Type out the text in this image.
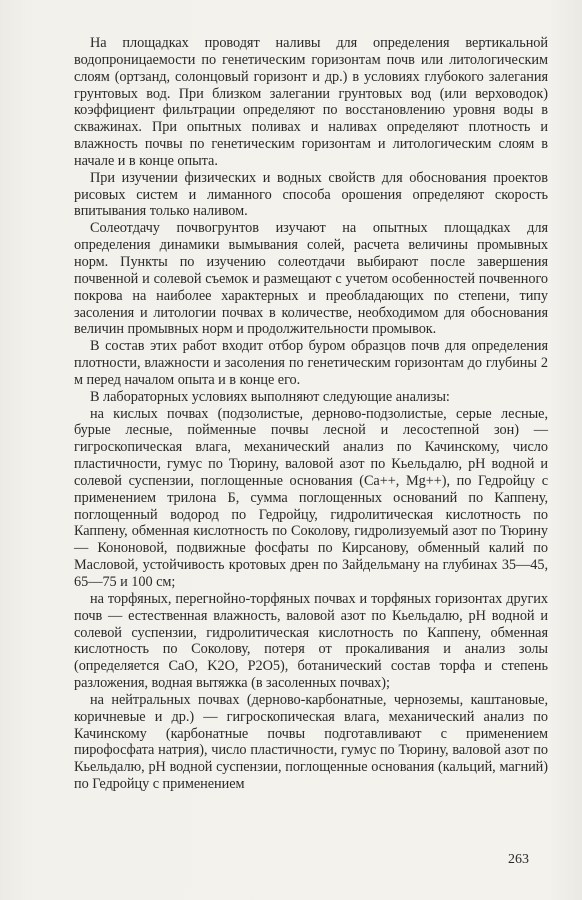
На площадках проводят наливы для определения вертикальной водопроницаемости по генетическим горизонтам почв или литологическим слоям (ортзанд, солонцовый горизонт и др.) в условиях глубокого залегания грунтовых вод. При близком залегании грунтовых вод (или верховодок) коэффициент фильтрации определяют по восстановлению уровня воды в скважинах. При опытных поливах и наливах определяют плотность и влажность почвы по генетическим горизонтам и литологическим слоям в начале и в конце опыта.

При изучении физических и водных свойств для обоснования проектов рисовых систем и лиманного способа орошения определяют скорость впитывания только наливом.

Солеотдачу почвогрунтов изучают на опытных площадках для определения динамики вымывания солей, расчета величины промывных норм. Пункты по изучению солеотдачи выбирают после завершения почвенной и солевой съемок и размещают с учетом особенностей почвенного покрова на наиболее характерных и преобладающих по степени, типу засоления и литологии почвах в количестве, необходимом для обоснования величин промывных норм и продолжительности промывок.

В состав этих работ входит отбор буром образцов почв для определения плотности, влажности и засоления по генетическим горизонтам до глубины 2 м перед началом опыта и в конце его.

В лабораторных условиях выполняют следующие анализы:

на кислых почвах (подзолистые, дерново-подзолистые, серые лесные, бурые лесные, пойменные почвы лесной и лесостепной зон) — гигроскопическая влага, механический анализ по Качинскому, число пластичности, гумус по Тюрину, валовой азот по Кьельдалю, pH водной и солевой суспензии, поглощенные основания (Ca++, Mg++), по Гедройцу с применением трилона Б, сумма поглощенных оснований по Каппену, поглощенный водород по Гедройцу, гидролитическая кислотность по Каппену, обменная кислотность по Соколову, гидролизуемый азот по Тюрину — Кононовой, подвижные фосфаты по Кирсанову, обменный калий по Масловой, устойчивость кротовых дрен по Зайдельману на глубинах 35—45, 65—75 и 100 см;

на торфяных, перегнойно-торфяных почвах и торфяных горизонтах других почв — естественная влажность, валовой азот по Кьельдалю, pH водной и солевой суспензии, гидролитическая кислотность по Каппену, обменная кислотность по Соколову, потеря от прокаливания и анализ золы (определяется CaO, K2O, P2O5), ботанический состав торфа и степень разложения, водная вытяжка (в засоленных почвах);

на нейтральных почвах (дерново-карбонатные, черноземы, каштановые, коричневые и др.) — гигроскопическая влага, механический анализ по Качинскому (карбонатные почвы подготавливают с применением пирофосфата натрия), число пластичности, гумус по Тюрину, валовой азот по Кьельдалю, pH водной суспензии, поглощенные основания (кальций, магний) по Гедройцу с применением

263
